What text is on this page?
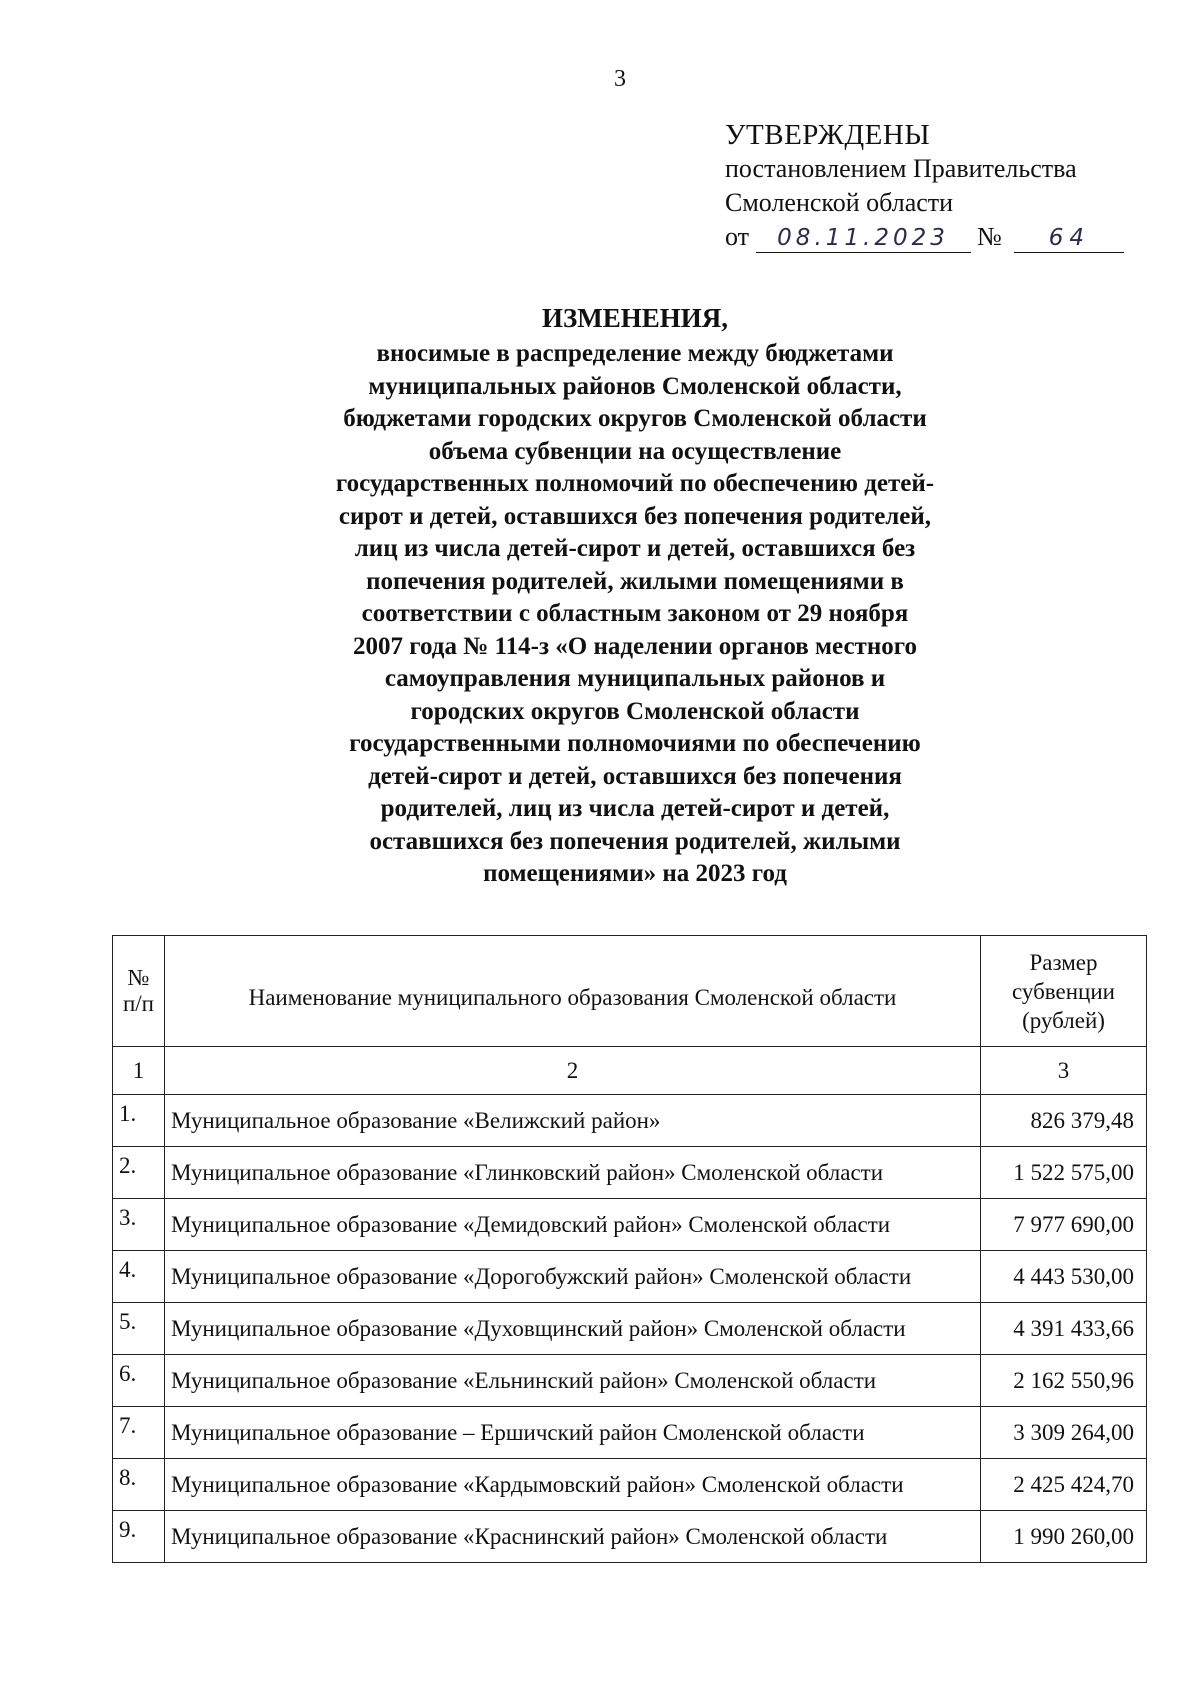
3
УТВЕРЖДЕНЫ
постановлением Правительства
Смоленской области
от 08.11.2023 № 64
ИЗМЕНЕНИЯ,
вносимые в распределение между бюджетами
муниципальных районов Смоленской области,
бюджетами городских округов Смоленской области
объема субвенции на осуществление
государственных полномочий по обеспечению детей-
сирот и детей, оставшихся без попечения родителей,
лиц из числа детей-сирот и детей, оставшихся без
попечения родителей, жилыми помещениями в
соответствии с областным законом от 29 ноября
2007 года № 114-з «О наделении органов местного
самоуправления муниципальных районов и
городских округов Смоленской области
государственными полномочиями по обеспечению
детей-сирот и детей, оставшихся без попечения
родителей, лиц из числа детей-сирот и детей,
оставшихся без попечения родителей, жилыми
помещениями» на 2023 год
№ п/п	Наименование муниципального образования Смоленской области	Размер субвенции (рублей)
1	2	3
1.	Муниципальное образование «Велижский район»	826 379,48
2.	Муниципальное образование «Глинковский район» Смоленской области	1 522 575,00
3.	Муниципальное образование «Демидовский район» Смоленской области	7 977 690,00
4.	Муниципальное образование «Дорогобужский район» Смоленской области	4 443 530,00
5.	Муниципальное образование «Духовщинский район» Смоленской области	4 391 433,66
6.	Муниципальное образование «Ельнинский район» Смоленской области	2 162 550,96
7.	Муниципальное образование – Ершичский район Смоленской области	3 309 264,00
8.	Муниципальное образование «Кардымовский район» Смоленской области	2 425 424,70
9.	Муниципальное образование «Краснинский район» Смоленской области	1 990 260,00
